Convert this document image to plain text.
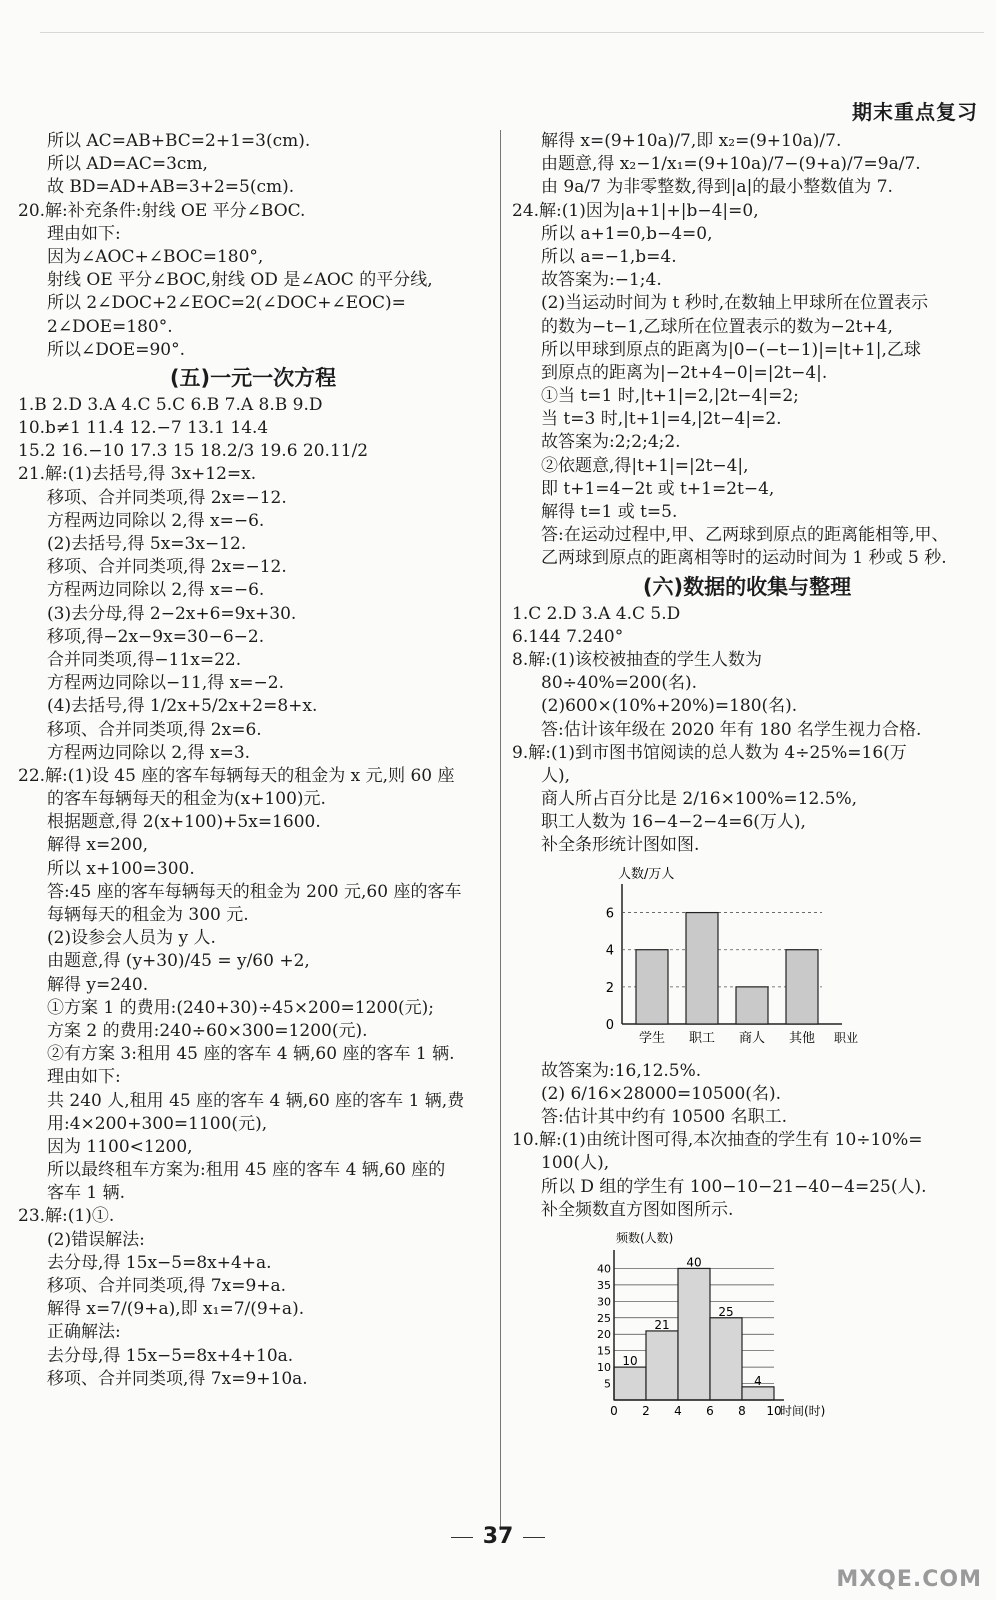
期末重点复习
所以 AC=AB+BC=2+1=3(cm).
所以 AD=AC=3cm,
故 BD=AD+AB=3+2=5(cm).
20.解:补充条件:射线 OE 平分∠BOC.
理由如下:
因为∠AOC+∠BOC=180°,
射线 OE 平分∠BOC,射线 OD 是∠AOC 的平分线,
所以 2∠DOC+2∠EOC=2(∠DOC+∠EOC)=
2∠DOE=180°.
所以∠DOE=90°.
(五)一元一次方程
1.B 2.D 3.A 4.C 5.C 6.B 7.A 8.B 9.D
10.b≠1 11.4 12.−7 13.1 14.4
15.2 16.−10 17.3 15 18.2/3 19.6 20.11/2
21.解:(1)去括号,得 3x+12=x.
移项、合并同类项,得 2x=−12.
方程两边同除以 2,得 x=−6.
(2)去括号,得 5x=3x−12.
移项、合并同类项,得 2x=−12.
方程两边同除以 2,得 x=−6.
(3)去分母,得 2−2x+6=9x+30.
移项,得−2x−9x=30−6−2.
合并同类项,得−11x=22.
方程两边同除以−11,得 x=−2.
(4)去括号,得 1/2x+5/2x+2=8+x.
移项、合并同类项,得 2x=6.
方程两边同除以 2,得 x=3.
22.解:(1)设 45 座的客车每辆每天的租金为 x 元,则 60 座
的客车每辆每天的租金为(x+100)元.
根据题意,得 2(x+100)+5x=1600.
解得 x=200,
所以 x+100=300.
答:45 座的客车每辆每天的租金为 200 元,60 座的客车
每辆每天的租金为 300 元.
(2)设参会人员为 y 人.
由题意,得 (y+30)/45 = y/60 +2,
解得 y=240.
①方案 1 的费用:(240+30)÷45×200=1200(元);
方案 2 的费用:240÷60×300=1200(元).
②有方案 3:租用 45 座的客车 4 辆,60 座的客车 1 辆.
理由如下:
共 240 人,租用 45 座的客车 4 辆,60 座的客车 1 辆,费
用:4×200+300=1100(元),
因为 1100<1200,
所以最终租车方案为:租用 45 座的客车 4 辆,60 座的
客车 1 辆.
23.解:(1)①.
(2)错误解法:
去分母,得 15x−5=8x+4+a.
移项、合并同类项,得 7x=9+a.
解得 x=7/(9+a),即 x₁=7/(9+a).
正确解法:
去分母,得 15x−5=8x+4+10a.
移项、合并同类项,得 7x=9+10a.
解得 x=(9+10a)/7,即 x₂=(9+10a)/7.
由题意,得 x₂−1/x₁=(9+10a)/7−(9+a)/7=9a/7.
由 9a/7 为非零整数,得到|a|的最小整数值为 7.
24.解:(1)因为|a+1|+|b−4|=0,
所以 a+1=0,b−4=0,
所以 a=−1,b=4.
故答案为:−1;4.
(2)当运动时间为 t 秒时,在数轴上甲球所在位置表示
的数为−t−1,乙球所在位置表示的数为−2t+4,
所以甲球到原点的距离为|0−(−t−1)|=|t+1|,乙球
到原点的距离为|−2t+4−0|=|2t−4|.
①当 t=1 时,|t+1|=2,|2t−4|=2;
当 t=3 时,|t+1|=4,|2t−4|=2.
故答案为:2;2;4;2.
②依题意,得|t+1|=|2t−4|,
即 t+1=4−2t 或 t+1=2t−4,
解得 t=1 或 t=5.
答:在运动过程中,甲、乙两球到原点的距离能相等,甲、
乙两球到原点的距离相等时的运动时间为 1 秒或 5 秒.
(六)数据的收集与整理
1.C 2.D 3.A 4.C 5.D
6.144 7.240°
8.解:(1)该校被抽查的学生人数为
80÷40%=200(名).
(2)600×(10%+20%)=180(名).
答:估计该年级在 2020 年有 180 名学生视力合格.
9.解:(1)到市图书馆阅读的总人数为 4÷25%=16(万
人),
商人所占百分比是 2/16×100%=12.5%,
职工人数为 16−4−2−4=6(万人),
补全条形统计图如图.
人数/万人
职业
0
2
4
6
学生 职工 商人 其他
故答案为:16,12.5%.
(2) 6/16×28000=10500(名).
答:估计其中约有 10500 名职工.
10.解:(1)由统计图可得,本次抽查的学生有 10÷10%=
100(人),
所以 D 组的学生有 100−10−21−40−4=25(人).
补全频数直方图如图所示.
频数(人数)
5
10
15
20
25
30
35
40
10
21
40
25
4
0 2 4 6 8 10
时间(时)
37
MXQE.COM
